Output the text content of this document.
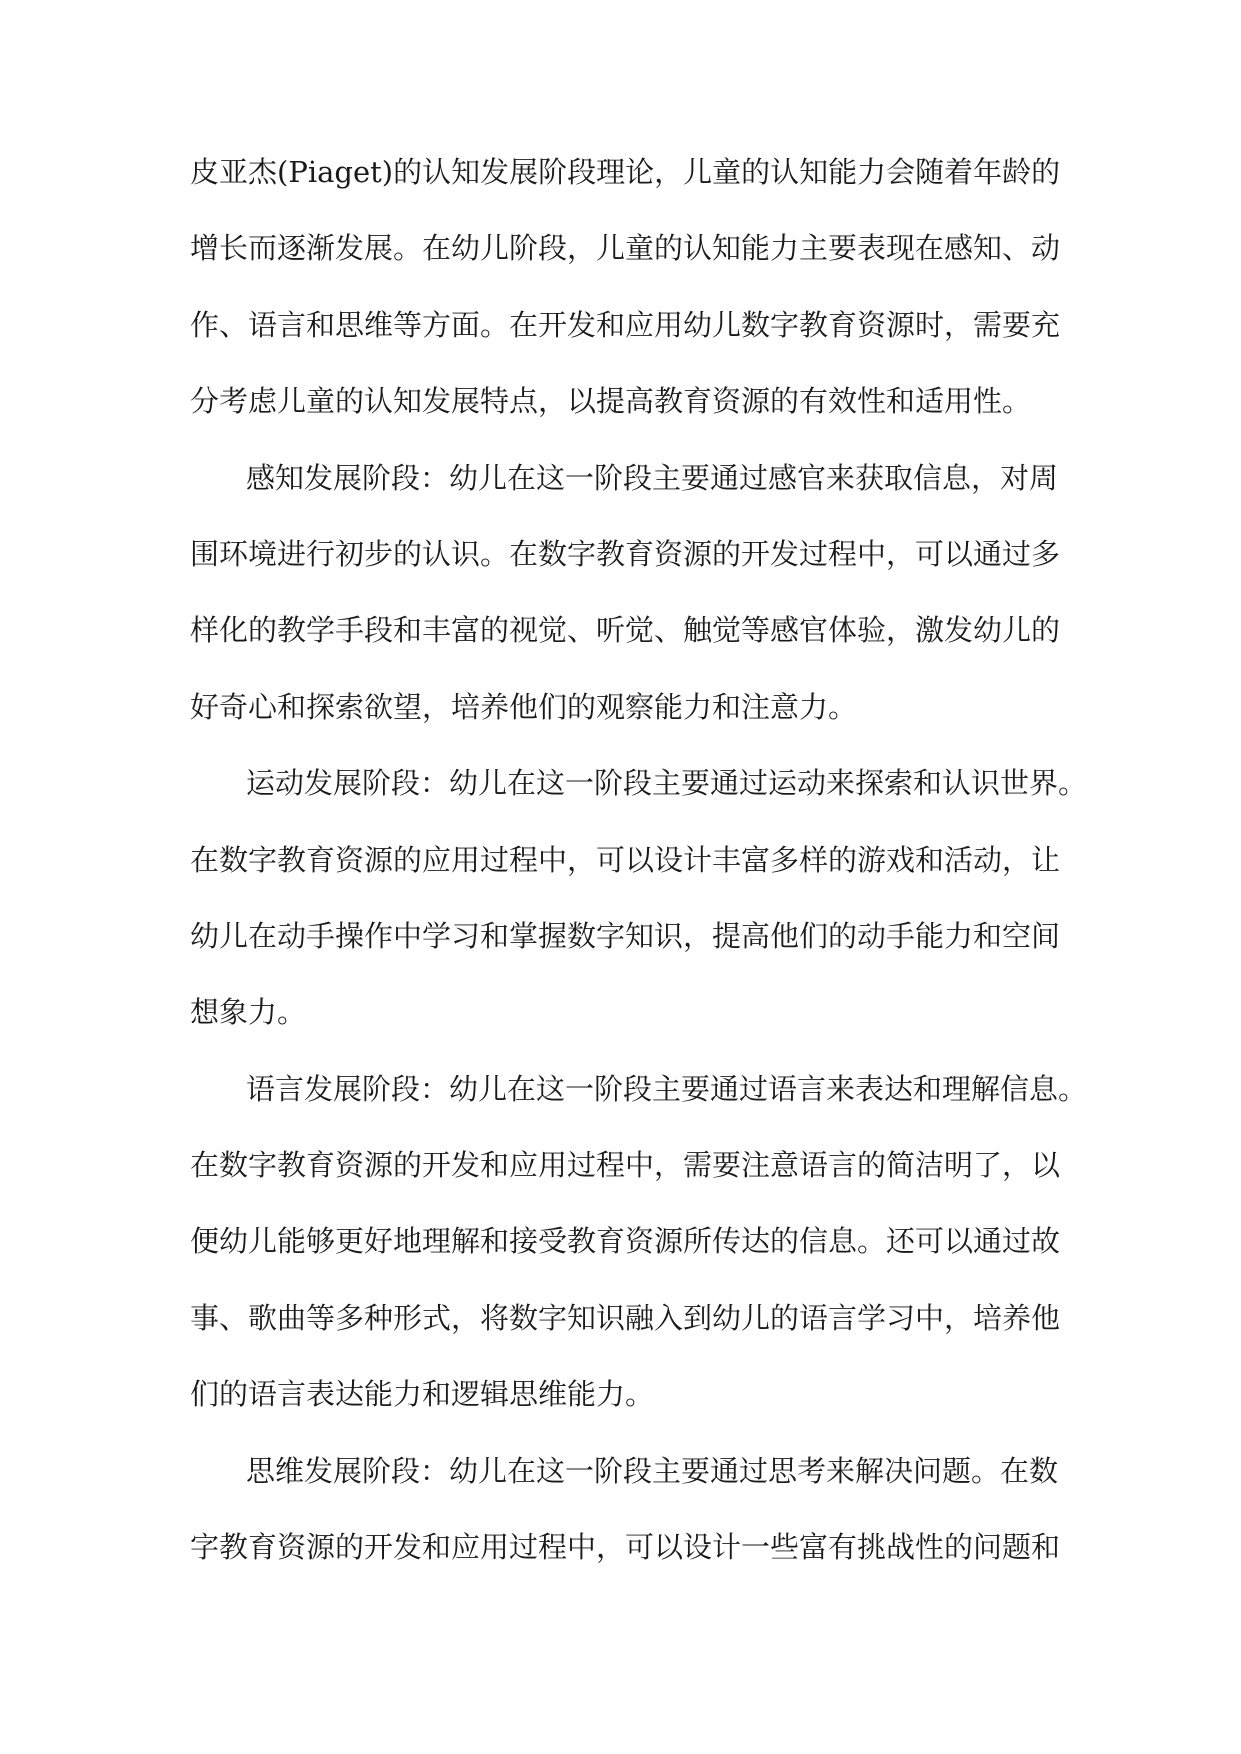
皮亚杰(Piaget)的认知发展阶段理论，儿童的认知能力会随着年龄的
增长而逐渐发展。在幼儿阶段，儿童的认知能力主要表现在感知、动
作、语言和思维等方面。在开发和应用幼儿数字教育资源时，需要充
分考虑儿童的认知发展特点，以提高教育资源的有效性和适用性。
感知发展阶段：幼儿在这一阶段主要通过感官来获取信息，对周
围环境进行初步的认识。在数字教育资源的开发过程中，可以通过多
样化的教学手段和丰富的视觉、听觉、触觉等感官体验，激发幼儿的
好奇心和探索欲望，培养他们的观察能力和注意力。
运动发展阶段：幼儿在这一阶段主要通过运动来探索和认识世界。
在数字教育资源的应用过程中，可以设计丰富多样的游戏和活动，让
幼儿在动手操作中学习和掌握数字知识，提高他们的动手能力和空间
想象力。
语言发展阶段：幼儿在这一阶段主要通过语言来表达和理解信息。
在数字教育资源的开发和应用过程中，需要注意语言的简洁明了，以
便幼儿能够更好地理解和接受教育资源所传达的信息。还可以通过故
事、歌曲等多种形式，将数字知识融入到幼儿的语言学习中，培养他
们的语言表达能力和逻辑思维能力。
思维发展阶段：幼儿在这一阶段主要通过思考来解决问题。在数
字教育资源的开发和应用过程中，可以设计一些富有挑战性的问题和
